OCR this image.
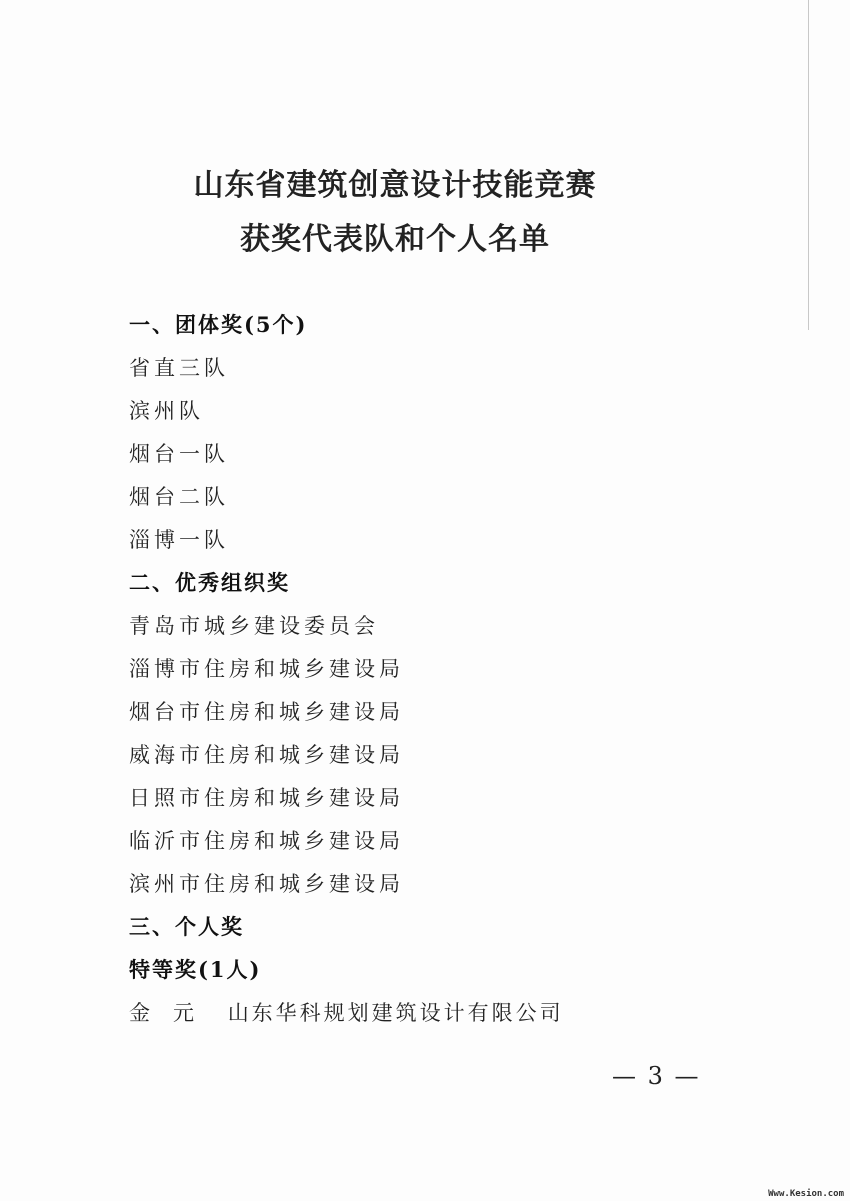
山东省建筑创意设计技能竞赛
获奖代表队和个人名单
一、团体奖(5个)
省直三队
滨州队
烟台一队
烟台二队
淄博一队
二、优秀组织奖
青岛市城乡建设委员会
淄博市住房和城乡建设局
烟台市住房和城乡建设局
威海市住房和城乡建设局
日照市住房和城乡建设局
临沂市住房和城乡建设局
滨州市住房和城乡建设局
三、个人奖
特等奖(1人)
金 元 山东华科规划建筑设计有限公司
— 3 —
Www.Kesion.com
